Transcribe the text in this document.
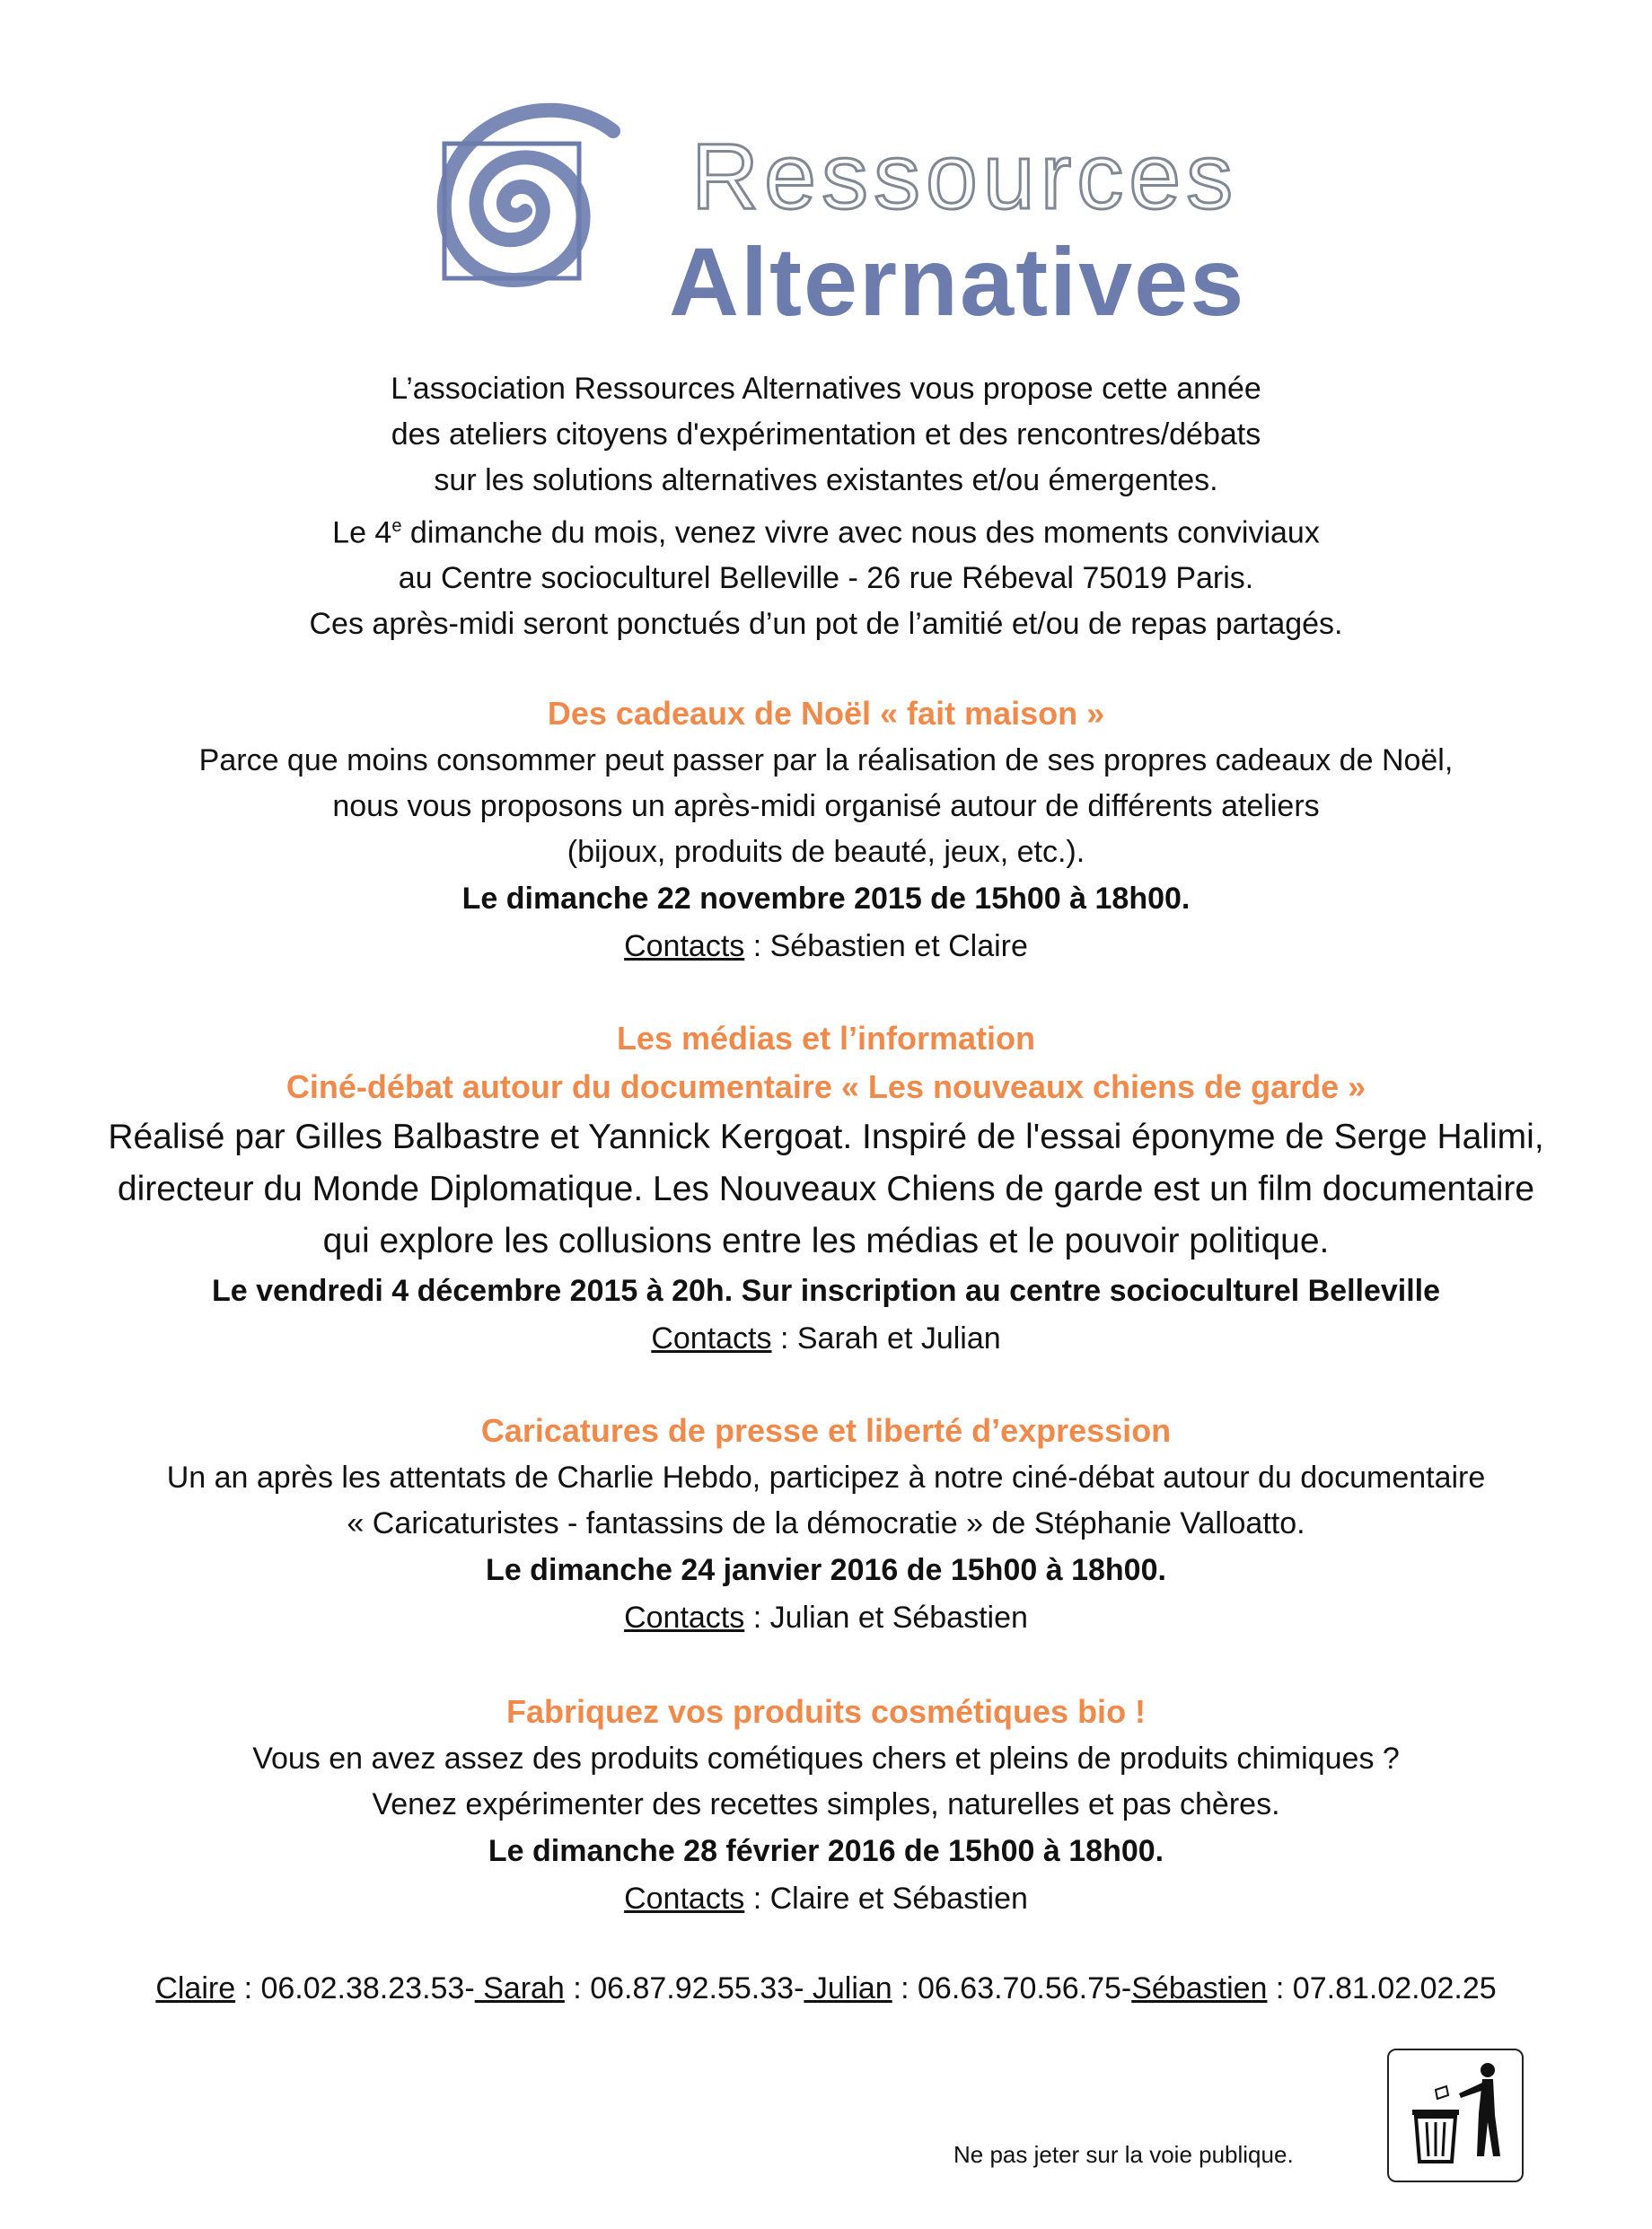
Ressources
Alternatives

L’association Ressources Alternatives vous propose cette année

des ateliers citoyens d'expérimentation et des rencontres/débats

sur les solutions alternatives existantes et/ou émergentes.

Le 4e dimanche du mois, venez vivre avec nous des moments conviviaux

au Centre socioculturel Belleville - 26 rue Rébeval 75019 Paris.

Ces après-midi seront ponctués d’un pot de l’amitié et/ou de repas partagés.

Des cadeaux de Noël « fait maison »

Parce que moins consommer peut passer par la réalisation de ses propres cadeaux de Noël,

nous vous proposons un après-midi organisé autour de différents ateliers

(bijoux, produits de beauté, jeux, etc.).

Le dimanche 22 novembre 2015 de 15h00 à 18h00.

Contacts : Sébastien et Claire

Les médias et l’information

Ciné-débat autour du documentaire « Les nouveaux chiens de garde »

Réalisé par Gilles Balbastre et Yannick Kergoat. Inspiré de l'essai éponyme de Serge Halimi,

directeur du Monde Diplomatique. Les Nouveaux Chiens de garde est un film documentaire

qui explore les collusions entre les médias et le pouvoir politique.

Le vendredi 4 décembre 2015 à 20h. Sur inscription au centre socioculturel Belleville

Contacts : Sarah et Julian

Caricatures de presse et liberté d’expression

Un an après les attentats de Charlie Hebdo, participez à notre ciné-débat autour du documentaire

« Caricaturistes - fantassins de la démocratie » de Stéphanie Valloatto.

Le dimanche 24 janvier 2016 de 15h00 à 18h00.

Contacts : Julian et Sébastien

Fabriquez vos produits cosmétiques bio !

Vous en avez assez des produits cométiques chers et pleins de produits chimiques ?

Venez expérimenter des recettes simples, naturelles et pas chères.

Le dimanche 28 février 2016 de 15h00 à 18h00.

Contacts : Claire et Sébastien

Claire : 06.02.38.23.53- Sarah : 06.87.92.55.33- Julian : 06.63.70.56.75-Sébastien : 07.81.02.02.25
Ne pas jeter sur la voie publique.
